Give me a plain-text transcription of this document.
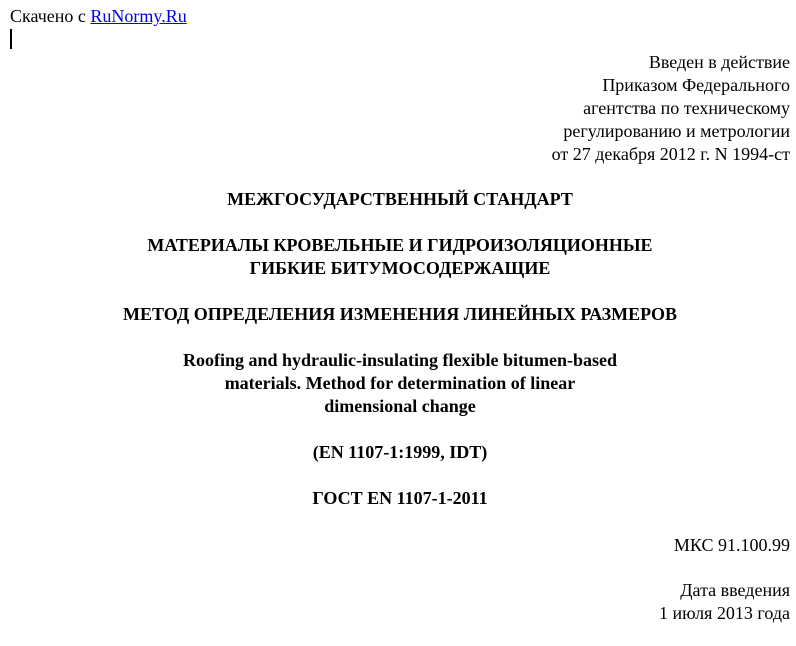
Скачено с RuNormy.Ru
Введен в действие
Приказом Федерального
агентства по техническому
регулированию и метрологии
от 27 декабря 2012 г. N 1994-ст
МЕЖГОСУДАРСТВЕННЫЙ СТАНДАРТ
МАТЕРИАЛЫ КРОВЕЛЬНЫЕ И ГИДРОИЗОЛЯЦИОННЫЕ
ГИБКИЕ БИТУМОСОДЕРЖАЩИЕ
МЕТОД ОПРЕДЕЛЕНИЯ ИЗМЕНЕНИЯ ЛИНЕЙНЫХ РАЗМЕРОВ
Roofing and hydraulic-insulating flexible bitumen-based
materials. Method for determination of linear
dimensional change
(EN 1107-1:1999, IDT)
ГОСТ EN 1107-1-2011
МКС 91.100.99
Дата введения
1 июля 2013 года
